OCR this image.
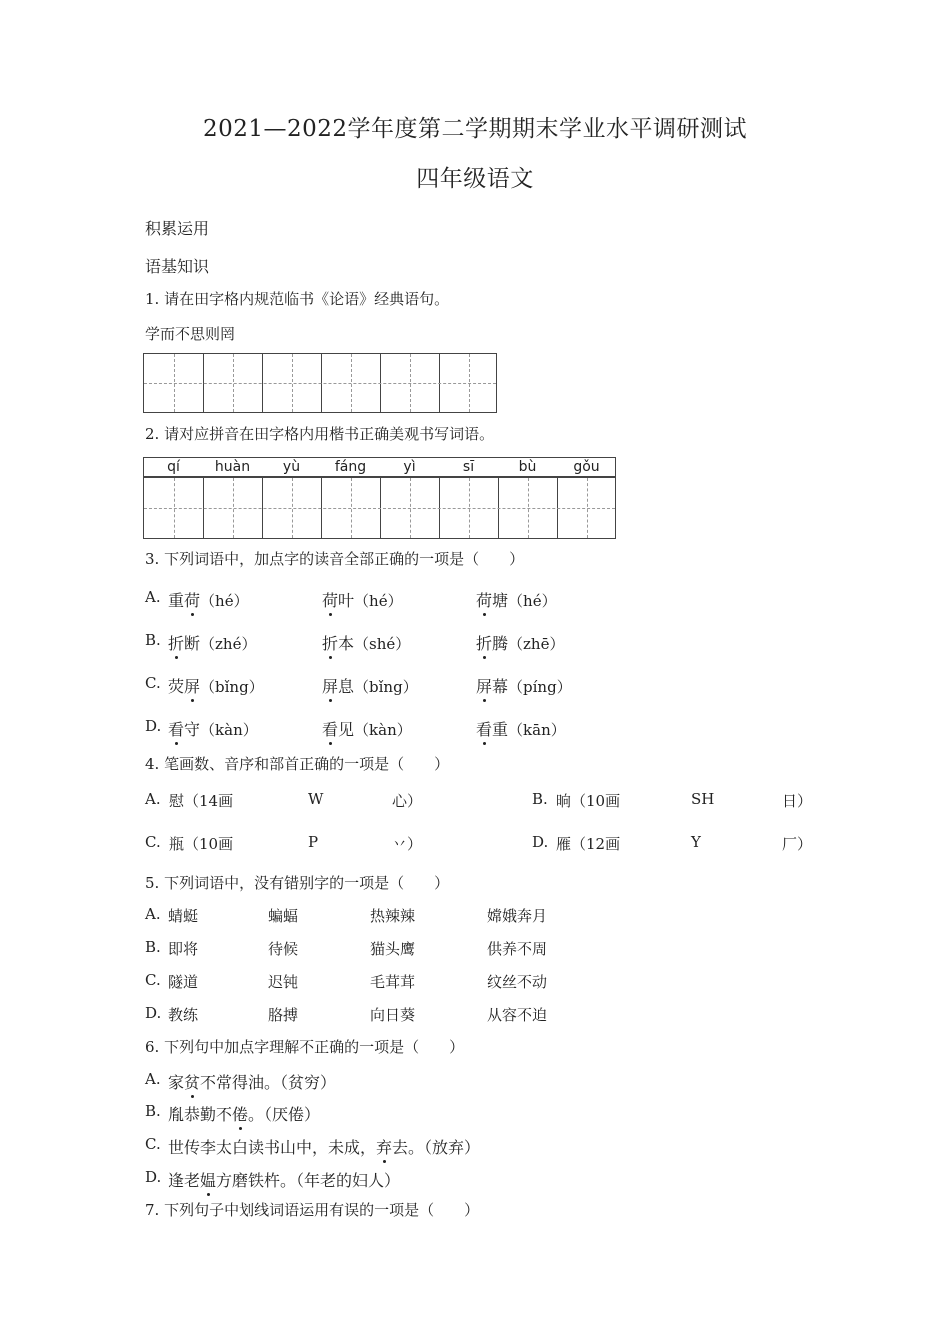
2021—2022学年度第二学期期末学业水平调研测试
四年级语文
积累运用
语基知识
1. 请在田字格内规范临书《论语》经典语句。
学而不思则罔
2. 请对应拼音在田字格内用楷书正确美观书写词语。
qí	huàn	yù	fáng	yì	sī	bù	gǒu
3. 下列词语中，加点字的读音全部正确的一项是（　　）
A. 重荷（hé）	荷叶（hé）	荷塘（hé）
B. 折断（zhé）	折本（shé）	折腾（zhē）
C. 荧屏（bǐng）	屏息（bǐng）	屏幕（píng）
D. 看守（kàn）	看见（kàn）	看重（kān）
4. 笔画数、音序和部首正确的一项是（　　）
A. 慰（14画	W	心）	B. 晌（10画	SH	日）
C. 瓶（10画	P	丷）	D. 雁（12画	Y	厂）
5. 下列词语中，没有错别字的一项是（　　）
A. 蜻蜓	蝙蝠	热辣辣	嫦娥奔月
B. 即将	待候	猫头鹰	供养不周
C. 隧道	迟钝	毛茸茸	纹丝不动
D. 教练	胳搏	向日葵	从容不迫
6. 下列句中加点字理解不正确的一项是（　　）
A. 家贫不常得油。（贫穷）
B. 胤恭勤不倦。（厌倦）
C. 世传李太白读书山中，未成，弃去。（放弃）
D. 逢老媪方磨铁杵。（年老的妇人）
7. 下列句子中划线词语运用有误的一项是（　　）
